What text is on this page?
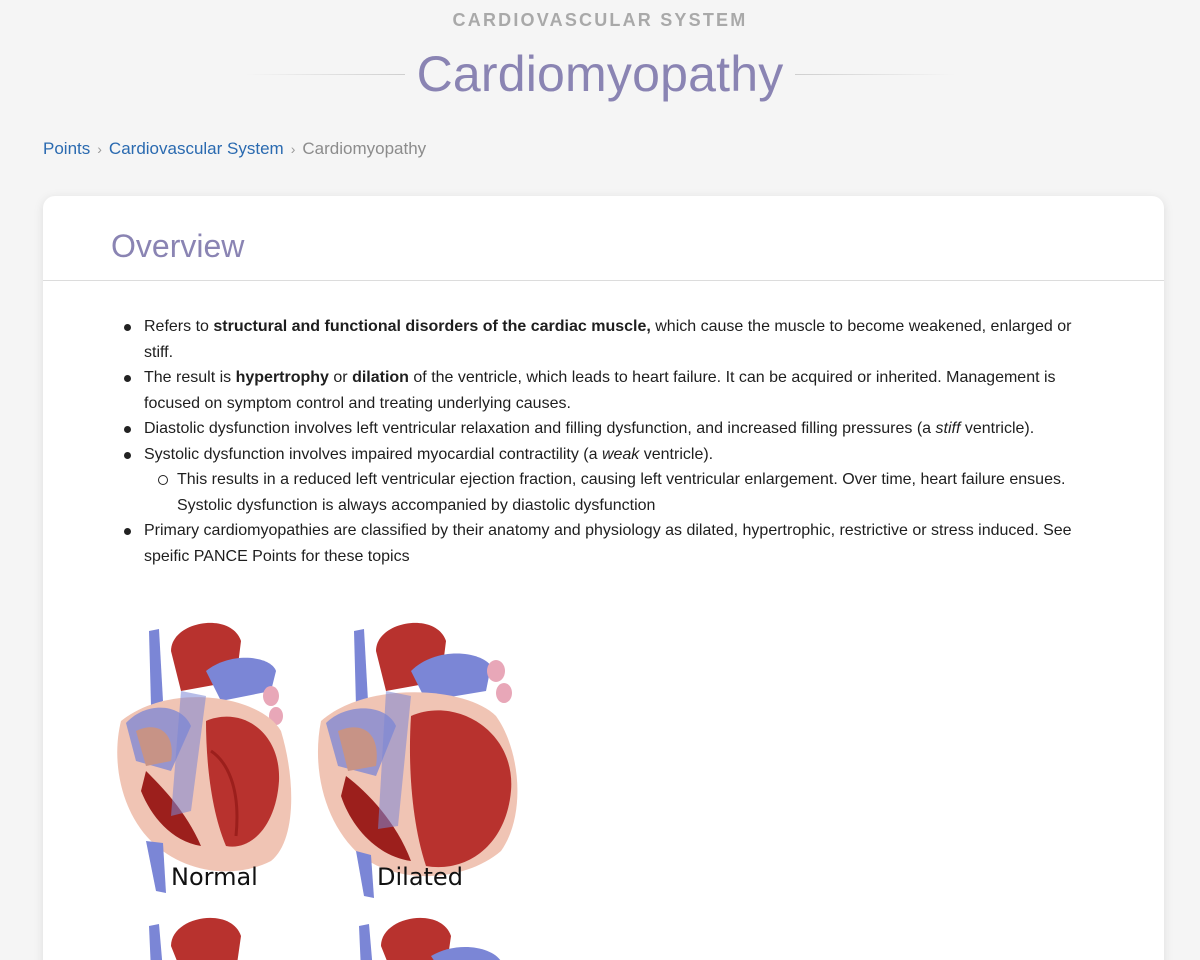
CARDIOVASCULAR SYSTEM
Cardiomyopathy
Points › Cardiovascular System › Cardiomyopathy
Overview
Refers to structural and functional disorders of the cardiac muscle, which cause the muscle to become weakened, enlarged or stiff.
The result is hypertrophy or dilation of the ventricle, which leads to heart failure. It can be acquired or inherited. Management is focused on symptom control and treating underlying causes.
Diastolic dysfunction involves left ventricular relaxation and filling dysfunction, and increased filling pressures (a stiff ventricle).
Systolic dysfunction involves impaired myocardial contractility (a weak ventricle).
This results in a reduced left ventricular ejection fraction, causing left ventricular enlargement. Over time, heart failure ensues. Systolic dysfunction is always accompanied by diastolic dysfunction
Primary cardiomyopathies are classified by their anatomy and physiology as dilated, hypertrophic, restrictive or stress induced. See speific PANCE Points for these topics
Normal	Dilated
